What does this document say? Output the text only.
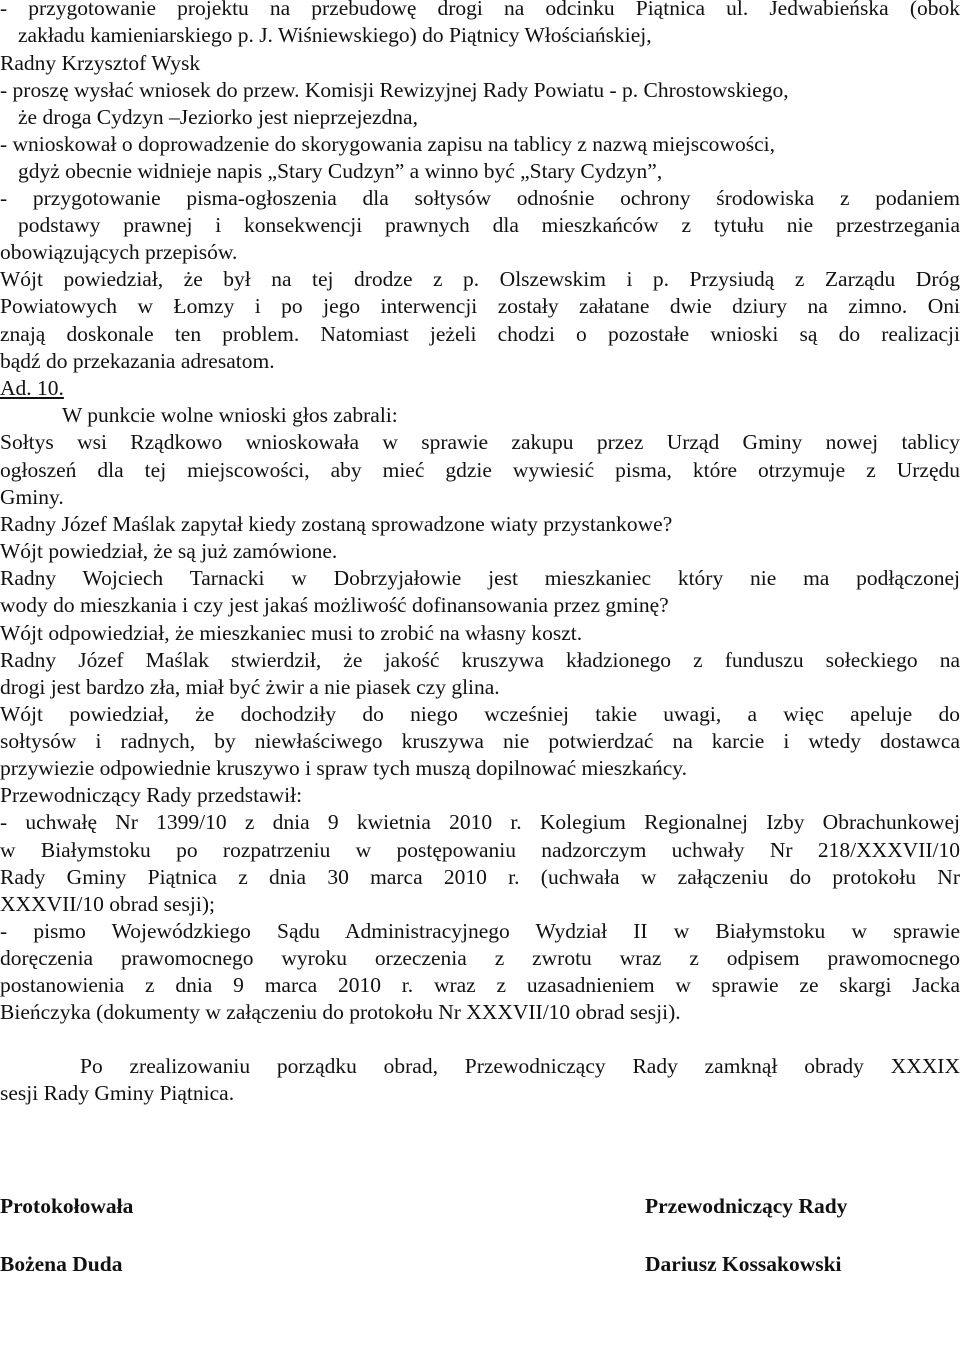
- przygotowanie projektu na przebudowę drogi na odcinku Piątnica ul. Jedwabieńska (obok
zakładu kamieniarskiego p. J. Wiśniewskiego) do Piątnicy Włościańskiej,
Radny Krzysztof Wysk
- proszę wysłać wniosek do przew. Komisji Rewizyjnej Rady Powiatu - p. Chrostowskiego,
że droga Cydzyn –Jeziorko jest nieprzejezdna,
- wnioskował o doprowadzenie do skorygowania zapisu na tablicy z nazwą miejscowości,
gdyż obecnie widnieje napis „Stary Cudzyn” a winno być „Stary Cydzyn”,
- przygotowanie pisma-ogłoszenia dla sołtysów odnośnie ochrony środowiska z podaniem
podstawy prawnej i konsekwencji prawnych dla mieszkańców z tytułu nie przestrzegania
obowiązujących przepisów.
Wójt powiedział, że był na tej drodze z p. Olszewskim i p. Przysiudą z Zarządu Dróg
Powiatowych w Łomzy i po jego interwencji zostały załatane dwie dziury na zimno. Oni
znają doskonale ten problem. Natomiast jeżeli chodzi o pozostałe wnioski są do realizacji
bądź do przekazania adresatom.
Ad. 10.
W punkcie wolne wnioski głos zabrali:
Sołtys wsi Rządkowo wnioskowała w sprawie zakupu przez Urząd Gminy nowej tablicy
ogłoszeń dla tej miejscowości, aby mieć gdzie wywiesić pisma, które otrzymuje z Urzędu
Gminy.
Radny Józef Maślak zapytał kiedy zostaną sprowadzone wiaty przystankowe?
Wójt powiedział, że są już zamówione.
Radny Wojciech Tarnacki w Dobrzyjałowie jest mieszkaniec który nie ma podłączonej
wody do mieszkania i czy jest jakaś możliwość dofinansowania przez gminę?
Wójt odpowiedział, że mieszkaniec musi to zrobić na własny koszt.
Radny Józef Maślak stwierdził, że jakość kruszywa kładzionego z funduszu sołeckiego na
drogi jest bardzo zła, miał być żwir a nie piasek czy glina.
Wójt powiedział, że dochodziły do niego wcześniej takie uwagi, a więc apeluje do
sołtysów i radnych, by niewłaściwego kruszywa nie potwierdzać na karcie i wtedy dostawca
przywiezie odpowiednie kruszywo i spraw tych muszą dopilnować mieszkańcy.
Przewodniczący Rady przedstawił:
- uchwałę Nr 1399/10 z dnia 9 kwietnia 2010 r. Kolegium Regionalnej Izby Obrachunkowej
w Białymstoku po rozpatrzeniu w postępowaniu nadzorczym uchwały Nr 218/XXXVII/10
Rady Gminy Piątnica z dnia 30 marca 2010 r. (uchwała w załączeniu do protokołu Nr
XXXVII/10 obrad sesji);
- pismo Wojewódzkiego Sądu Administracyjnego Wydział II w Białymstoku w sprawie
doręczenia prawomocnego wyroku orzeczenia z zwrotu wraz z odpisem prawomocnego
postanowienia z dnia 9 marca 2010 r. wraz z uzasadnieniem w sprawie ze skargi Jacka
Bieńczyka (dokumenty w załączeniu do protokołu Nr XXXVII/10 obrad sesji).
Po zrealizowaniu porządku obrad, Przewodniczący Rady zamknął obrady XXXIX
sesji Rady Gminy Piątnica.
Protokołowała
Bożena Duda
Przewodniczący Rady
Dariusz Kossakowski
